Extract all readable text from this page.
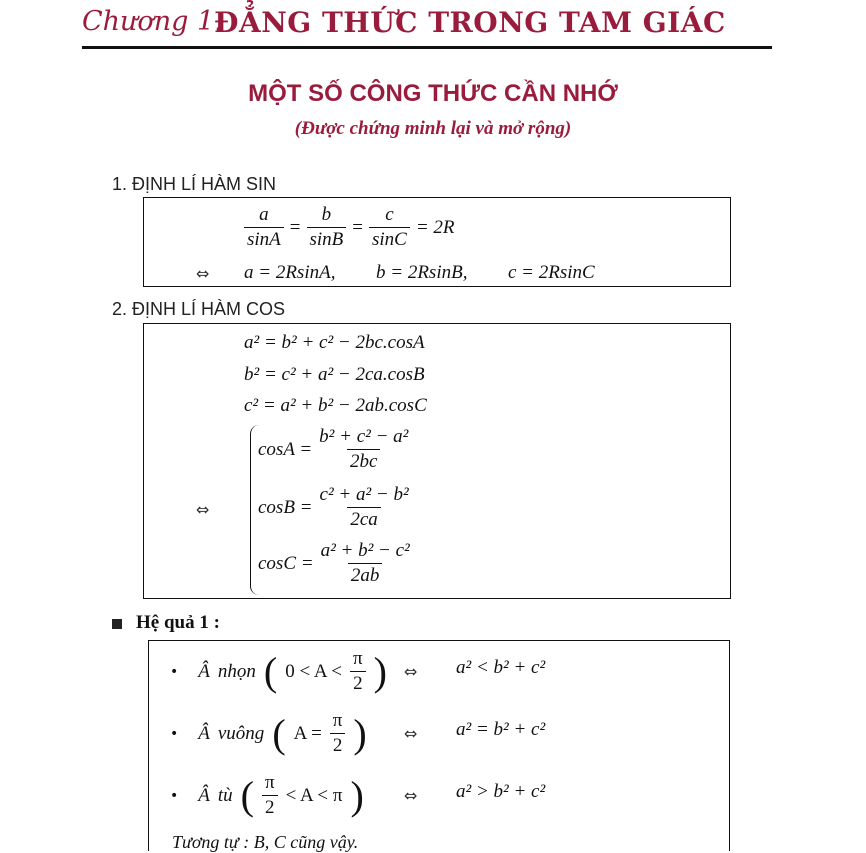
Chương 1.
ĐẲNG THỨC TRONG TAM GIÁC
MỘT SỐ CÔNG THỨC CẦN NHỚ
(Được chứng minh lại và mở rộng)
1. ĐỊNH LÍ HÀM SIN
$\frac{a}{\sin A} = \frac{b}{\sin B} = \frac{c}{\sin C} = 2R$
⇔ a = 2RsinA, b = 2RsinB, c = 2RsinC
2. ĐỊNH LÍ HÀM COS
a² = b² + c² − 2bc.cosA
b² = c² + a² − 2ca.cosB
c² = a² + b² − 2ab.cosC
⇔
$\cos A = \frac{\text{b² + c² − a²}}{2bc}$
$\cos B = \frac{\text{c² + a² − b²}}{2ca}$
$\cos C = \frac{\text{a² + b² − c²}}{2ab}$
Hệ quả 1 :
• Â nhọn ( $0 < A < \frac{\pi}{2}$ ) ⇔ a² < b² + c²
• Â vuông ( $A = \frac{\pi}{2}$ ) ⇔ a² = b² + c²
• Â tù ( $\frac{\pi}{2} < A < \pi$ )	⇔ a² > b² + c²
Tương tự : B, C cũng vậy.
